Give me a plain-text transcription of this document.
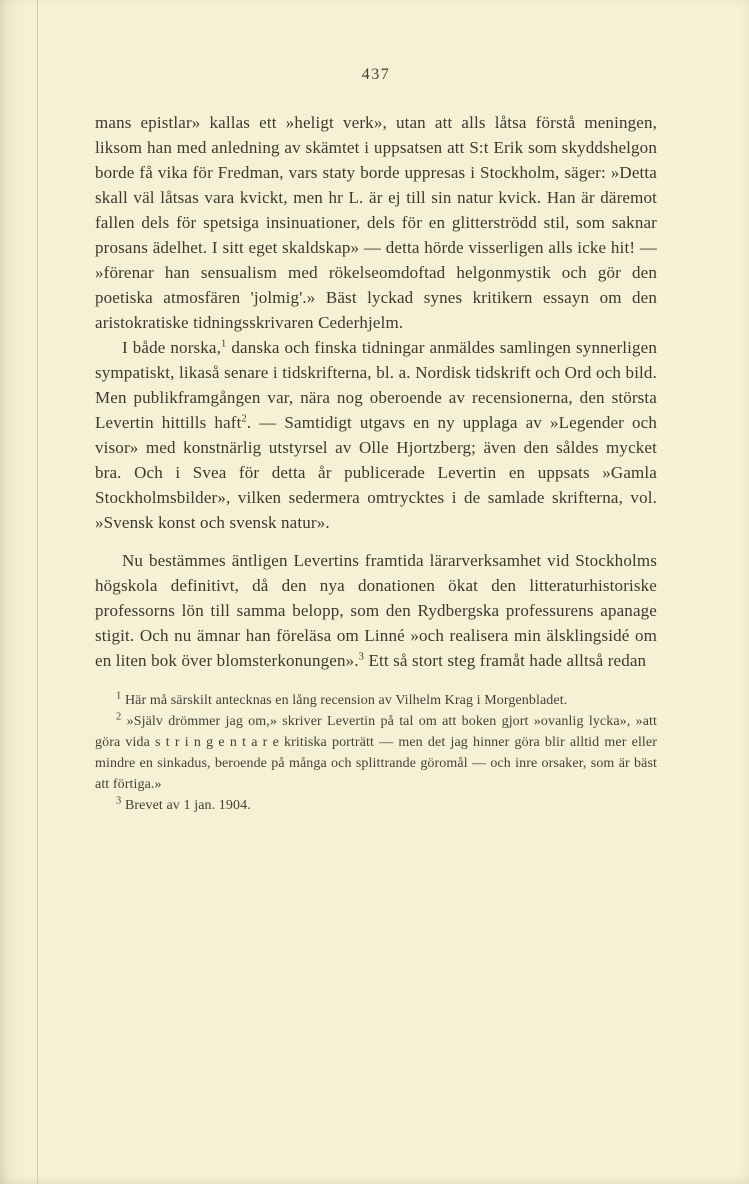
437

mans epistlar» kallas ett »heligt verk», utan att alls låtsa förstå meningen, liksom han med anledning av skämtet i uppsatsen att S:t Erik som skyddshelgon borde få vika för Fredman, vars staty borde uppresas i Stockholm, säger: »Detta skall väl låtsas vara kvickt, men hr L. är ej till sin natur kvick. Han är däremot fallen dels för spetsiga insinuationer, dels för en glitterströdd stil, som saknar prosans ädelhet. I sitt eget skaldskap» — detta hörde visserligen alls icke hit! — »förenar han sensualism med rökelseomdoftad helgonmystik och gör den poetiska atmosfären 'jolmig'.» Bäst lyckad synes kritikern essayn om den aristokratiske tidningsskrivaren Cederhjelm.

I både norska,$^1$ danska och finska tidningar anmäldes samlingen synnerligen sympatiskt, likaså senare i tidskrifterna, bl. a. Nordisk tidskrift och Ord och bild. Men publikframgången var, nära nog oberoende av recensionerna, den största Levertin hittills haft$^2$. — Samtidigt utgavs en ny upplaga av »Legender och visor» med konstnärlig utstyrsel av Olle Hjortzberg; även den såldes mycket bra. Och i Svea för detta år publicerade Levertin en uppsats »Gamla Stockholmsbilder», vilken sedermera omtrycktes i de samlade skrifterna, vol. »Svensk konst och svensk natur».

Nu bestämmes äntligen Levertins framtida lärarverksamhet vid Stockholms högskola definitivt, då den nya donationen ökat den litteraturhistoriske professorns lön till samma belopp, som den Rydbergska professurens apanage stigit. Och nu ämnar han föreläsa om Linné »och realisera min älsklingsidé om en liten bok över blomsterkonungen».$^3$ Ett så stort steg framåt hade alltså redan

$^1$ Här må särskilt antecknas en lång recension av Vilhelm Krag i Morgenbladet.

$^2$ »Själv drömmer jag om,» skriver Levertin på tal om att boken gjort »ovanlig lycka», »att göra vida s t r i n g e n t a r e kritiska porträtt — men det jag hinner göra blir alltid mer eller mindre en sinkadus, beroende på många och splittrande göromål — och inre orsaker, som är bäst att förtiga.»

$^3$ Brevet av 1 jan. 1904.
